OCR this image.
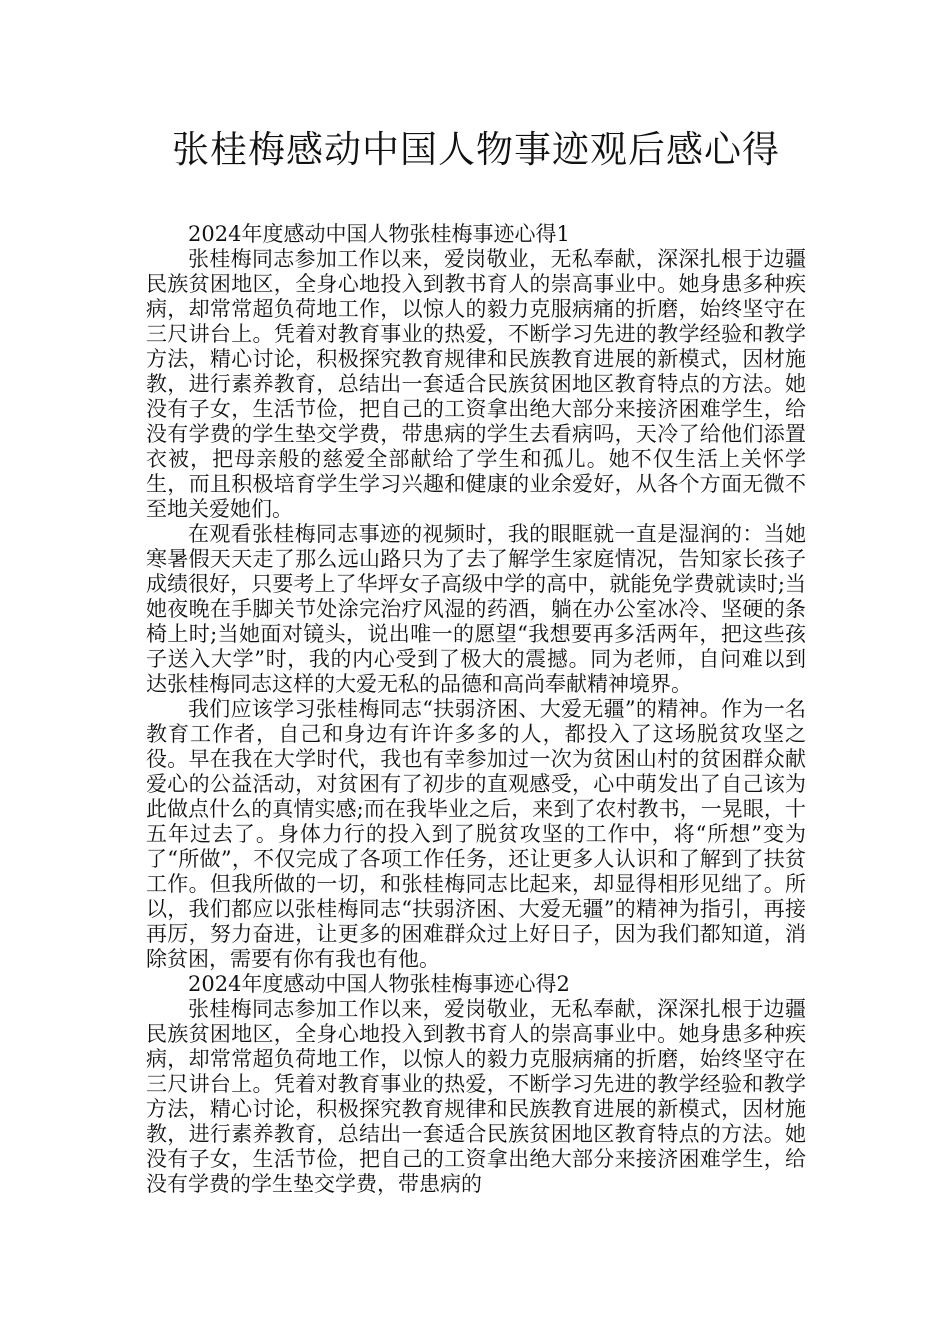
张桂梅感动中国人物事迹观后感心得

2024年度感动中国人物张桂梅事迹心得1

张桂梅同志参加工作以来，爱岗敬业，无私奉献，深深扎根于边疆民族贫困地区，全身心地投入到教书育人的崇高事业中。她身患多种疾病，却常常超负荷地工作，以惊人的毅力克服病痛的折磨，始终坚守在三尺讲台上。凭着对教育事业的热爱，不断学习先进的教学经验和教学方法，精心讨论，积极探究教育规律和民族教育进展的新模式，因材施教，进行素养教育，总结出一套适合民族贫困地区教育特点的方法。她没有子女，生活节俭，把自己的工资拿出绝大部分来接济困难学生，给没有学费的学生垫交学费，带患病的学生去看病吗，天冷了给他们添置衣被，把母亲般的慈爱全部献给了学生和孤儿。她不仅生活上关怀学生，而且积极培育学生学习兴趣和健康的业余爱好，从各个方面无微不至地关爱她们。

在观看张桂梅同志事迹的视频时，我的眼眶就一直是湿润的：当她寒暑假天天走了那么远山路只为了去了解学生家庭情况，告知家长孩子成绩很好，只要考上了华坪女子高级中学的高中，就能免学费就读时;当她夜晚在手脚关节处涂完治疗风湿的药酒，躺在办公室冰冷、坚硬的条椅上时;当她面对镜头，说出唯一的愿望“我想要再多活两年，把这些孩子送入大学”时，我的内心受到了极大的震撼。同为老师，自问难以到达张桂梅同志这样的大爱无私的品德和高尚奉献精神境界。

我们应该学习张桂梅同志“扶弱济困、大爱无疆”的精神。作为一名教育工作者，自己和身边有许许多多的人，都投入了这场脱贫攻坚之役。早在我在大学时代，我也有幸参加过一次为贫困山村的贫困群众献爱心的公益活动，对贫困有了初步的直观感受，心中萌发出了自己该为此做点什么的真情实感;而在我毕业之后，来到了农村教书，一晃眼，十五年过去了。身体力行的投入到了脱贫攻坚的工作中，将“所想”变为了“所做”，不仅完成了各项工作任务，还让更多人认识和了解到了扶贫工作。但我所做的一切，和张桂梅同志比起来，却显得相形见绌了。所以，我们都应以张桂梅同志“扶弱济困、大爱无疆”的精神为指引，再接再厉，努力奋进，让更多的困难群众过上好日子，因为我们都知道，消除贫困，需要有你有我也有他。

2024年度感动中国人物张桂梅事迹心得2

张桂梅同志参加工作以来，爱岗敬业，无私奉献，深深扎根于边疆民族贫困地区，全身心地投入到教书育人的崇高事业中。她身患多种疾病，却常常超负荷地工作，以惊人的毅力克服病痛的折磨，始终坚守在三尺讲台上。凭着对教育事业的热爱，不断学习先进的教学经验和教学方法，精心讨论，积极探究教育规律和民族教育进展的新模式，因材施教，进行素养教育，总结出一套适合民族贫困地区教育特点的方法。她没有子女，生活节俭，把自己的工资拿出绝大部分来接济困难学生，给没有学费的学生垫交学费，带患病的
